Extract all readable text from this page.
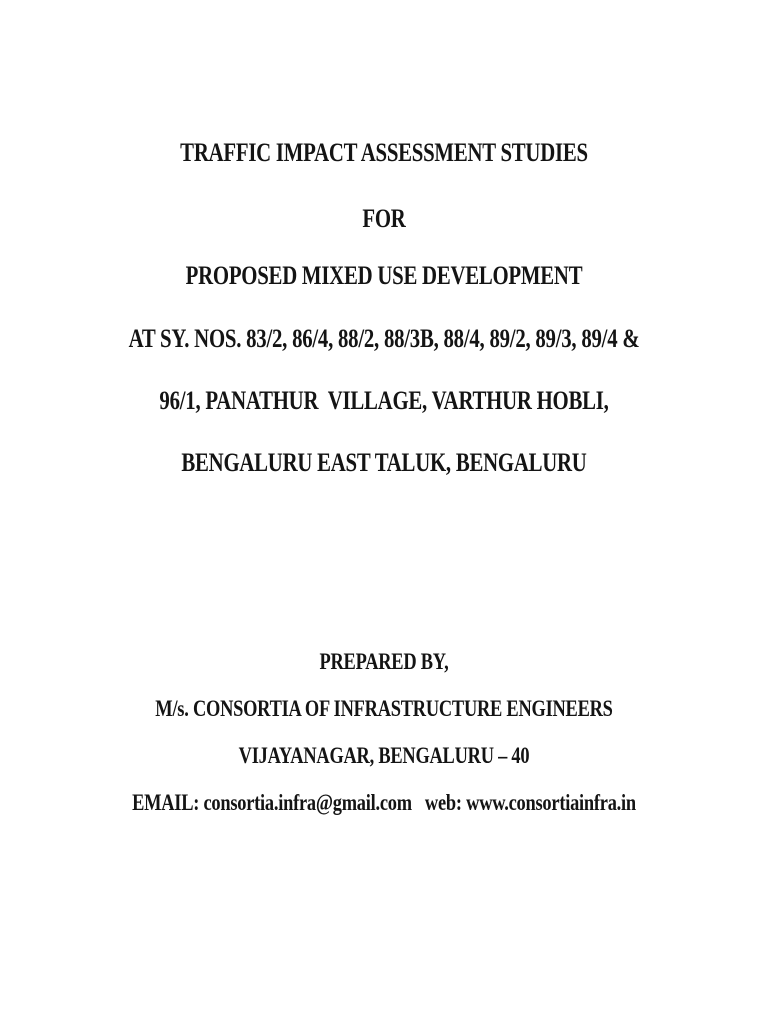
TRAFFIC IMPACT ASSESSMENT STUDIES
FOR
PROPOSED MIXED USE DEVELOPMENT
AT SY. NOS. 83/2, 86/4, 88/2, 88/3B, 88/4, 89/2, 89/3, 89/4 &
96/1, PANATHUR  VILLAGE, VARTHUR HOBLI,
BENGALURU EAST TALUK, BENGALURU
PREPARED BY,
M/s. CONSORTIA OF INFRASTRUCTURE ENGINEERS
VIJAYANAGAR, BENGALURU – 40
EMAIL: consortia.infra@gmail.com   web: www.consortiainfra.in
